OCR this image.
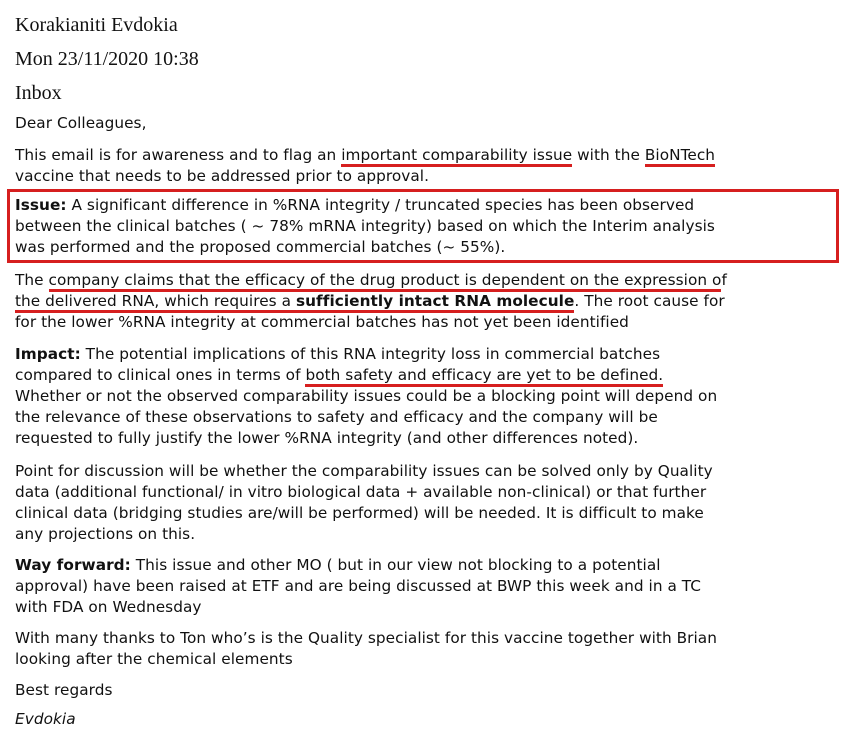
Korakianiti Evdokia
Mon 23/11/2020 10:38
Inbox
Dear Colleagues,
This email is for awareness and to flag an important comparability issue with the BioNTech
vaccine that needs to be addressed prior to approval.
Issue: A significant difference in %RNA integrity / truncated species has been observed
between the clinical batches ( ~ 78% mRNA integrity) based on which the Interim analysis
was performed and the proposed commercial batches (~ 55%).
The company claims that the efficacy of the drug product is dependent on the expression of
the delivered RNA, which requires a sufficiently intact RNA molecule. The root cause for
for the lower %RNA integrity at commercial batches has not yet been identified
Impact: The potential implications of this RNA integrity loss in commercial batches
compared to clinical ones in terms of both safety and efficacy are yet to be defined.
Whether or not the observed comparability issues could be a blocking point will depend on
the relevance of these observations to safety and efficacy and the company will be
requested to fully justify the lower %RNA integrity (and other differences noted).
Point for discussion will be whether the comparability issues can be solved only by Quality
data (additional functional/ in vitro biological data + available non-clinical) or that further
clinical data (bridging studies are/will be performed) will be needed. It is difficult to make
any projections on this.
Way forward: This issue and other MO ( but in our view not blocking to a potential
approval) have been raised at ETF and are being discussed at BWP this week and in a TC
with FDA on Wednesday
With many thanks to Ton who’s is the Quality specialist for this vaccine together with Brian
looking after the chemical elements
Best regards
Evdokia
